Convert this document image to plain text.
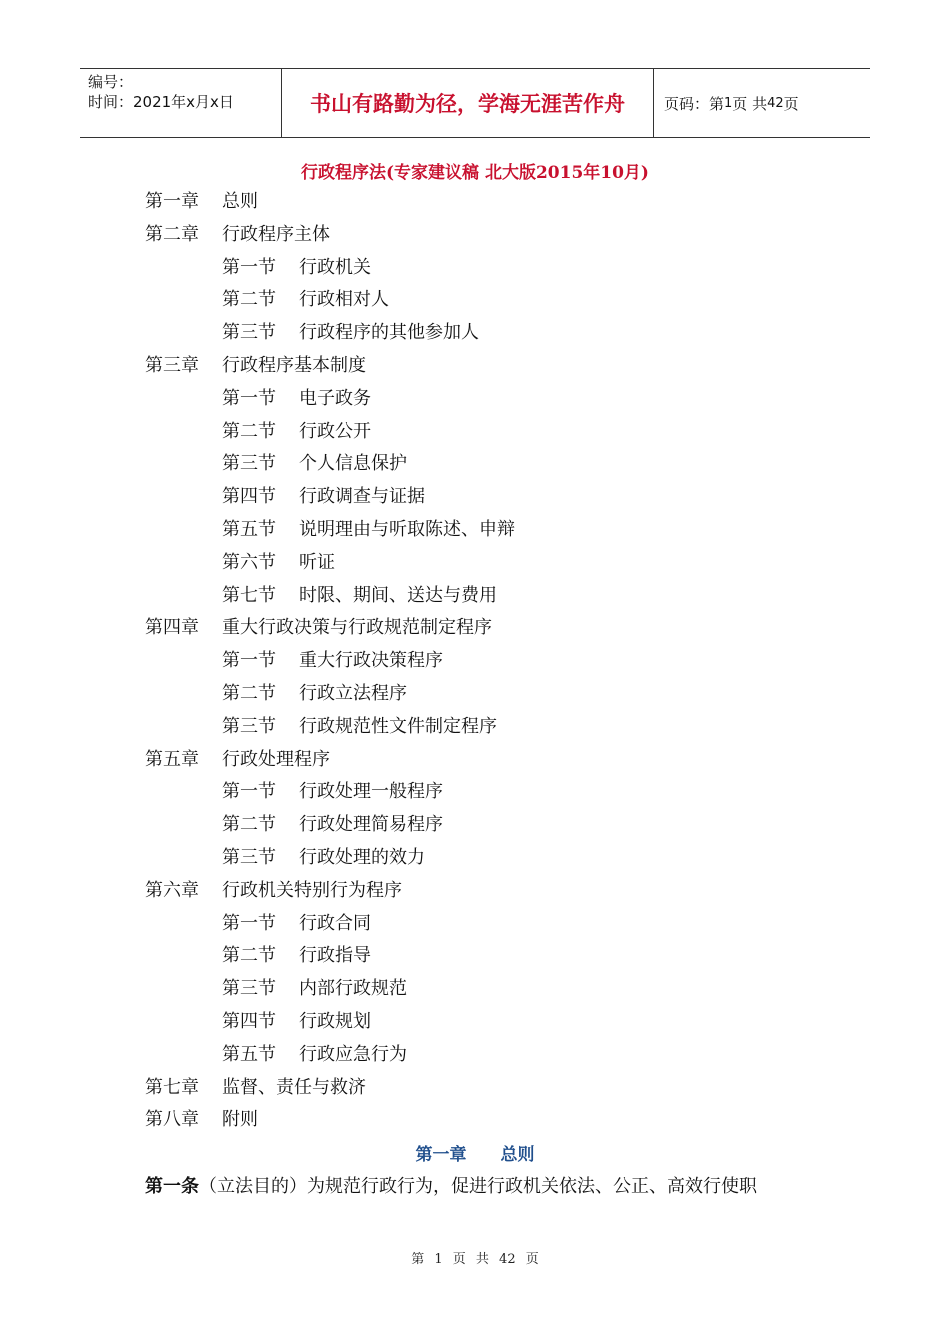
编号：
时间：2021年x月x日	书山有路勤为径，学海无涯苦作舟	页码：第 1 页 共 42 页
行政程序法(专家建议稿 北大版2015年10月)
第一章 总则
第二章 行政程序主体
第一节 行政机关
第二节 行政相对人
第三节 行政程序的其他参加人
第三章 行政程序基本制度
第一节 电子政务
第二节 行政公开
第三节 个人信息保护
第四节 行政调查与证据
第五节 说明理由与听取陈述、申辩
第六节 听证
第七节 时限、期间、送达与费用
第四章 重大行政决策与行政规范制定程序
第一节 重大行政决策程序
第二节 行政立法程序
第三节 行政规范性文件制定程序
第五章 行政处理程序
第一节 行政处理一般程序
第二节 行政处理简易程序
第三节 行政处理的效力
第六章 行政机关特别行为程序
第一节 行政合同
第二节 行政指导
第三节 内部行政规范
第四节 行政规划
第五节 行政应急行为
第七章 监督、责任与救济
第八章 附则
第一章 总则
第一条（立法目的）为规范行政行为，促进行政机关依法、公正、高效行使职
第 1 页 共 42 页
